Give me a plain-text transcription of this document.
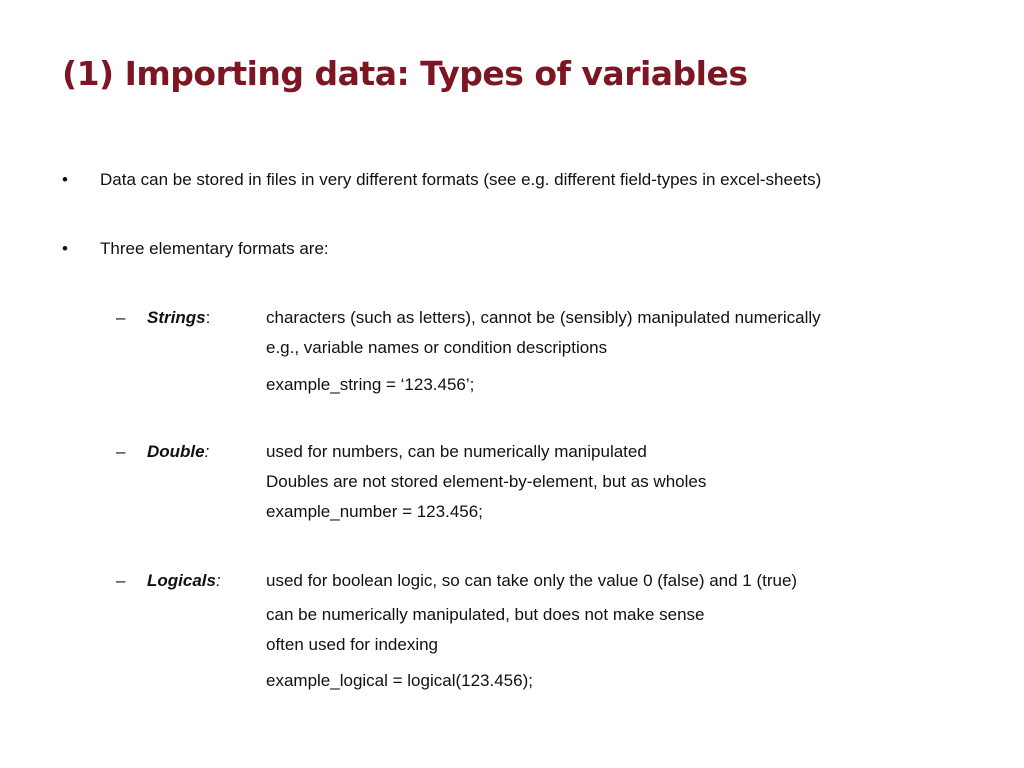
(1) Importing data: Types of variables
• Data can be stored in files in very different formats (see e.g. different field-types in excel-sheets)
• Three elementary formats are:
– Strings:	characters (such as letters), cannot be (sensibly) manipulated numerically
e.g., variable names or condition descriptions
example_string = ‘123.456’;
– Double:	used for numbers, can be numerically manipulated
Doubles are not stored element-by-element, but as wholes
example_number = 123.456;
– Logicals:	used for boolean logic, so can take only the value 0 (false) and 1 (true)
can be numerically manipulated, but does not make sense
often used for indexing
example_logical = logical(123.456);
